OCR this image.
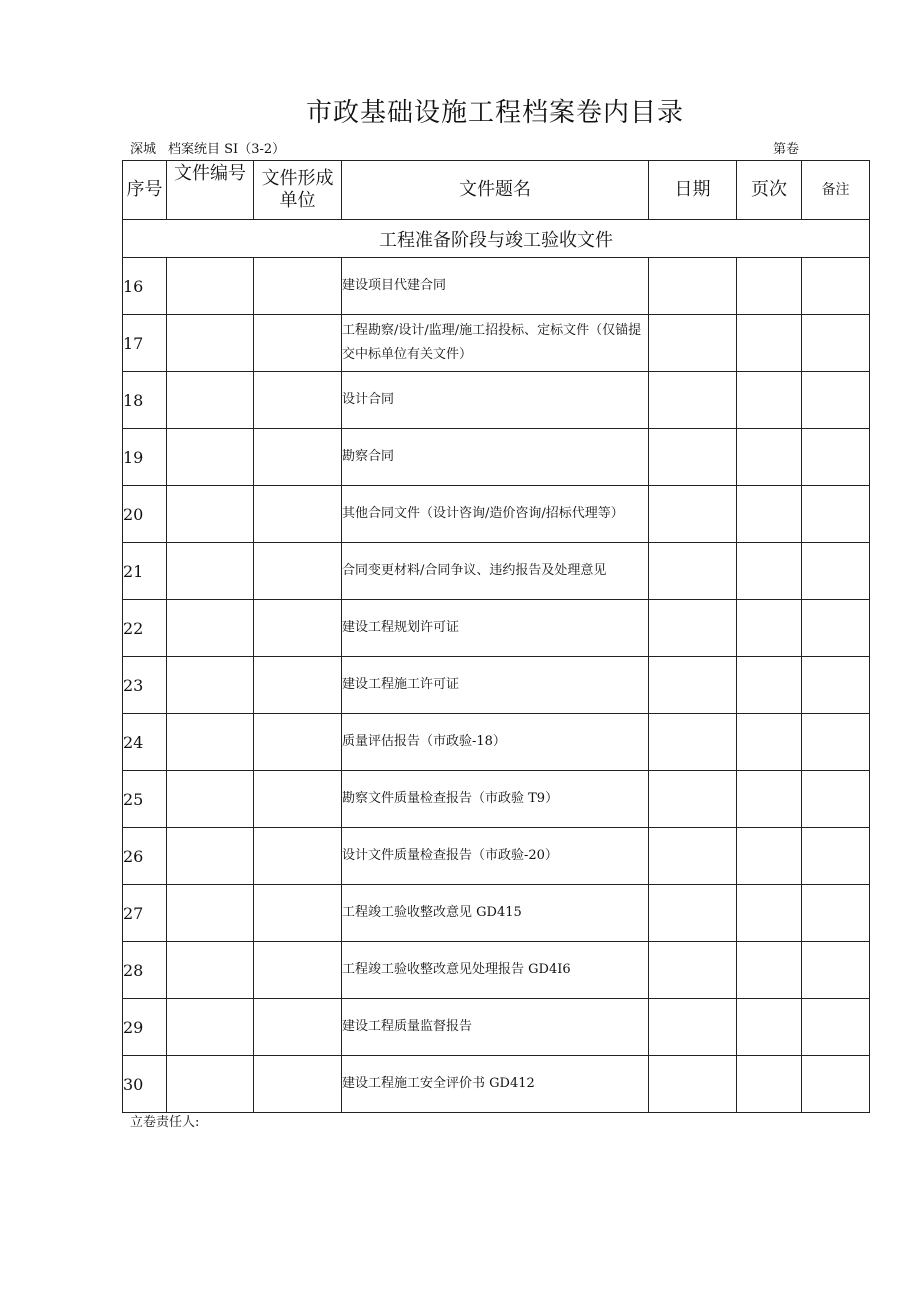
市政基础设施工程档案卷内目录
深城 档案统目 SI（3-2）	第卷
序号	文件编号	文件形成单位	文件题名	日期	页次	备注
工程准备阶段与竣工验收文件						
16			建设项目代建合同			
17			工程勘察/设计/监理/施工招投标、定标文件（仅锚提交中标单位有关文件）			
18			设计合同			
19			勘察合同			
20			其他合同文件（设计咨询/造价咨询/招标代理等）			
21			合同变更材料/合同争议、违约报告及处理意见			
22			建设工程规划许可证			
23			建设工程施工许可证			
24			质量评估报告（市政验-18）			
25			勘察文件质量检查报告（市政验 T9）			
26			设计文件质量检查报告（市政验-20）			
27			工程竣工验收整改意见 GD415			
28			工程竣工验收整改意见处理报告 GD4I6			
29			建设工程质量监督报告			
30			建设工程施工安全评价书 GD412			
立卷责任人:
